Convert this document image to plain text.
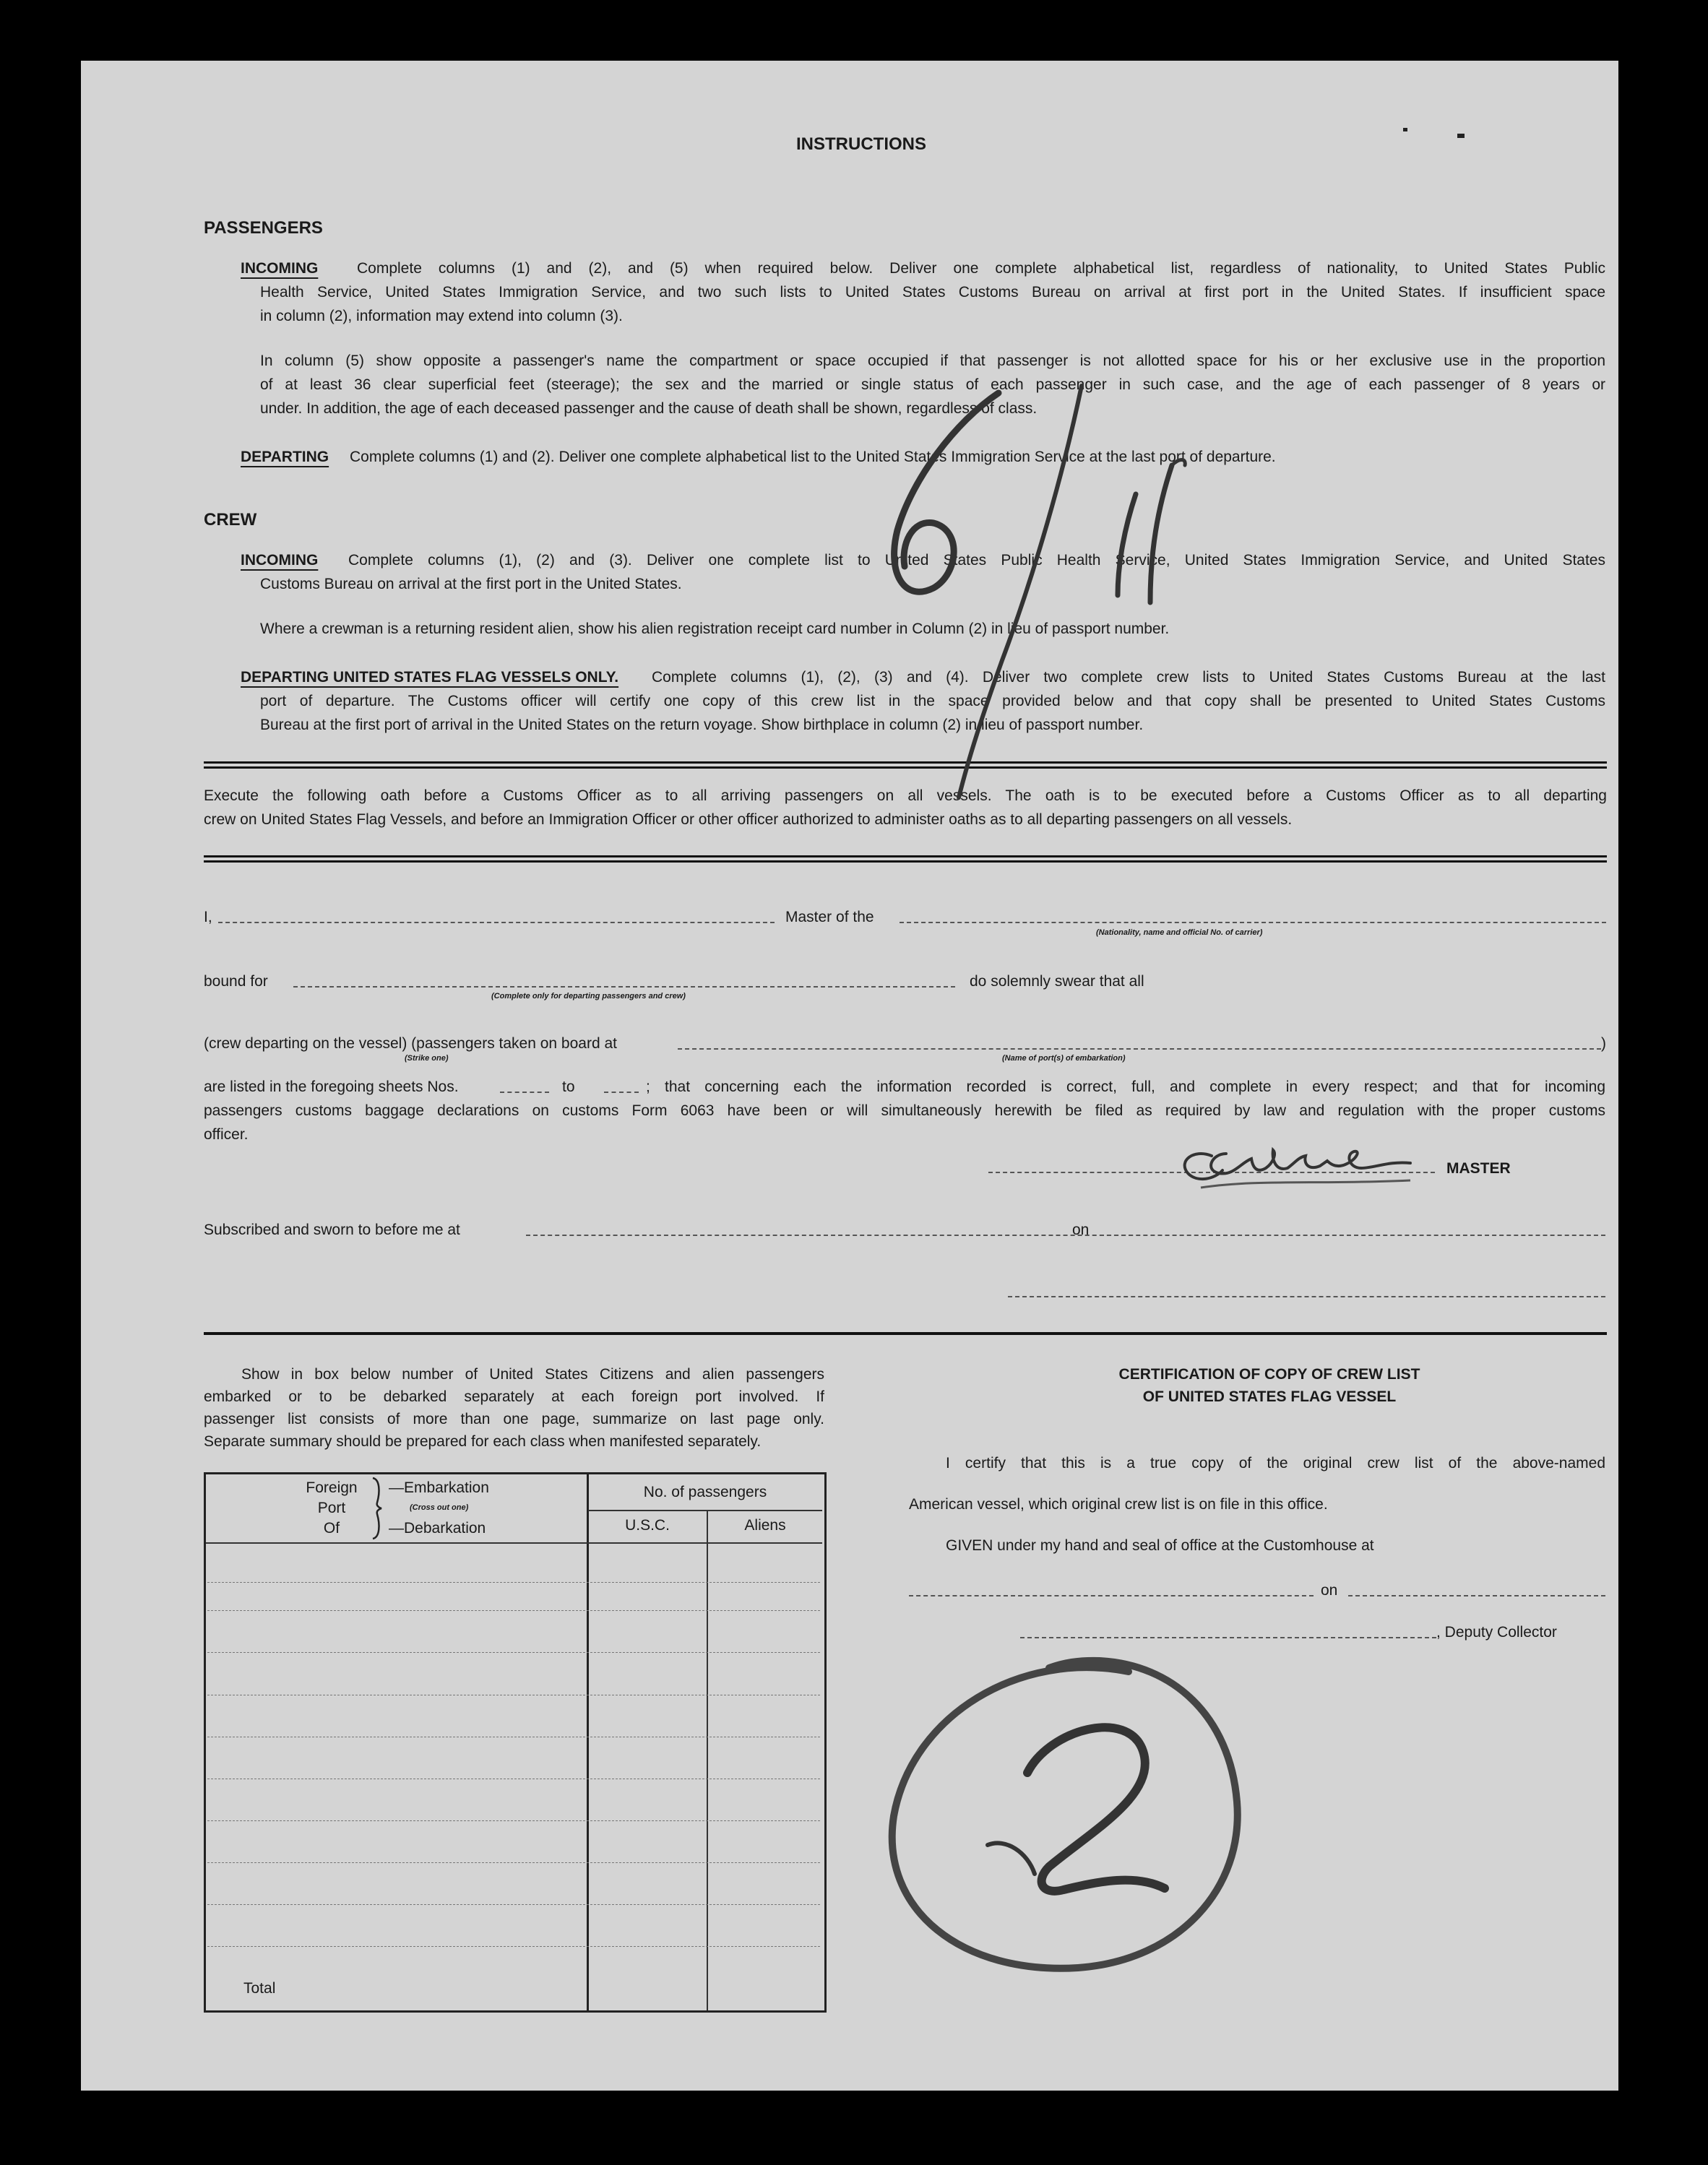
INSTRUCTIONS
PASSENGERS
INCOMING	Complete columns (1) and (2), and (5) when required below. Deliver one complete alphabetical list, regardless of nationality, to United States Public
Health Service, United States Immigration Service, and two such lists to United States Customs Bureau on arrival at first port in the United States. If insufficient space
in column (2), information may extend into column (3).
In column (5) show opposite a passenger's name the compartment or space occupied if that passenger is not allotted space for his or her exclusive use in the proportion
of at least 36 clear superficial feet (steerage); the sex and the married or single status of each passenger in such case, and the age of each passenger of 8 years or
under. In addition, the age of each deceased passenger and the cause of death shall be shown, regardless of class.
DEPARTING Complete columns (1) and (2). Deliver one complete alphabetical list to the United States Immigration Service at the last port of departure.
CREW
INCOMING Complete columns (1), (2) and (3). Deliver one complete list to United States Public Health Service, United States Immigration Service, and United States
Customs Bureau on arrival at the first port in the United States.
Where a crewman is a returning resident alien, show his alien registration receipt card number in Column (2) in lieu of passport number.
DEPARTING UNITED STATES FLAG VESSELS ONLY. Complete columns (1), (2), (3) and (4). Deliver two complete crew lists to United States Customs Bureau at the last
port of departure. The Customs officer will certify one copy of this crew list in the space provided below and that copy shall be presented to United States Customs
Bureau at the first port of arrival in the United States on the return voyage. Show birthplace in column (2) in lieu of passport number.
Execute the following oath before a Customs Officer as to all arriving passengers on all vessels. The oath is to be executed before a Customs Officer as to all departing
crew on United States Flag Vessels, and before an Immigration Officer or other officer authorized to administer oaths as to all departing passengers on all vessels.
I,	Master of the
(Nationality, name and official No. of carrier)
bound for
(Complete only for departing passengers and crew)
do solemnly swear that all
(crew departing on the vessel) (passengers taken on board at	)
(Strike one)	(Name of port(s) of embarkation)
are listed in the foregoing sheets Nos.	to	; that concerning each the information recorded is correct, full, and complete in every respect; and that for incoming
passengers customs baggage declarations on customs Form 6063 have been or will simultaneously herewith be filed as required by law and regulation with the proper customs
officer.
MASTER
Subscribed and sworn to before me at	on
Show in box below number of United States Citizens and alien passengers
embarked or to be debarked separately at each foreign port involved. If
passenger list consists of more than one page, summarize on last page only.
Separate summary should be prepared for each class when manifested separately.
Foreign
Port
Of
—Embarkation
(Cross out one)
—Debarkation
No. of passengers
U.S.C.	Aliens
Total
CERTIFICATION OF COPY OF CREW LIST
OF UNITED STATES FLAG VESSEL
I certify that this is a true copy of the original crew list of the above-named
American vessel, which original crew list is on file in this office.
GIVEN under my hand and seal of office at the Customhouse at
on
, Deputy Collector
